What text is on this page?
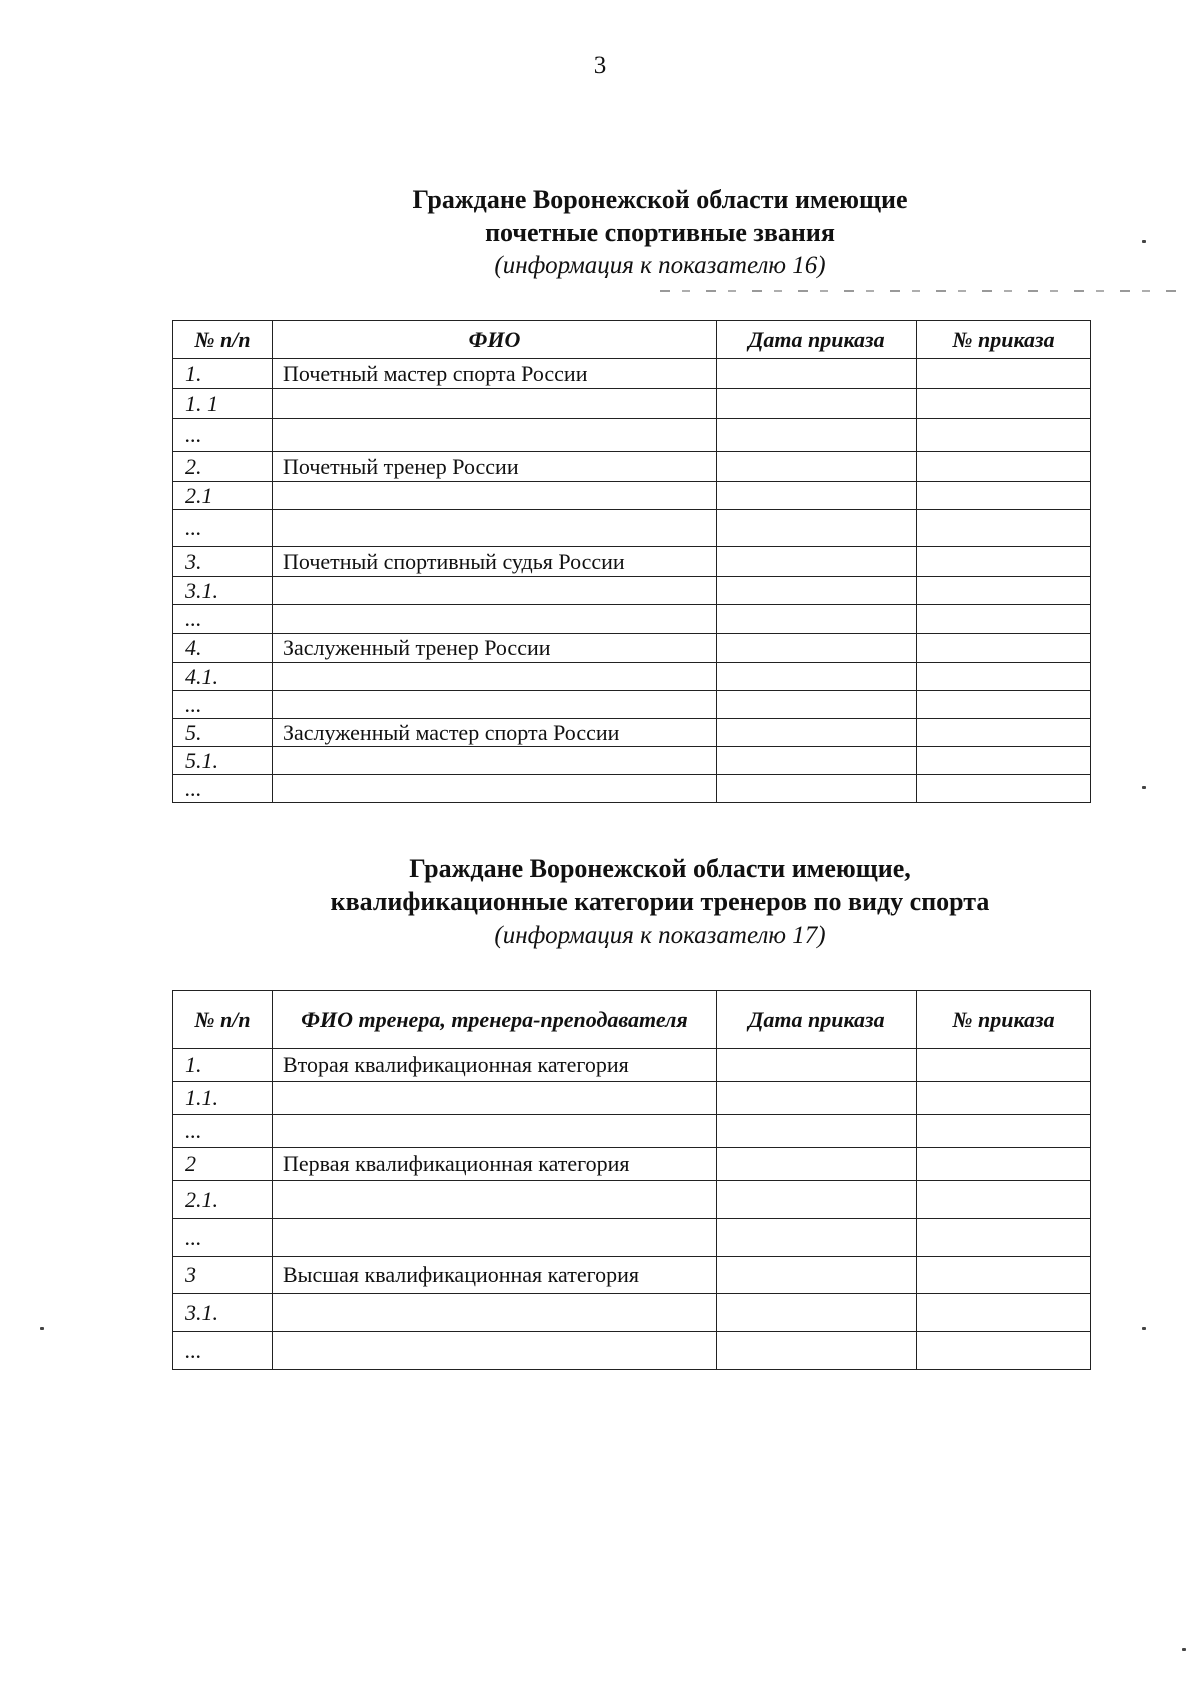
3
Граждане Воронежской области имеющие
почетные спортивные звания
(информация к показателю 16)
№ п/п	ФИО	Дата приказа	№ приказа
1.	Почетный мастер спорта России		
1. 1			
...			
2.	Почетный тренер России		
2.1			
...			
3.	Почетный спортивный судья России		
3.1.			
...			
4.	Заслуженный тренер России		
4.1.			
...			
5.	Заслуженный мастер спорта России		
5.1.			
...			
Граждане Воронежской области имеющие,
квалификационные категории тренеров по виду спорта
(информация к показателю 17)
№ п/п	ФИО тренера, тренера-преподавателя	Дата приказа	№ приказа
1.	Вторая квалификационная категория		
1.1.			
...			
2	Первая квалификационная категория		
2.1.			
...			
3	Высшая квалификационная категория		
3.1.			
...			
